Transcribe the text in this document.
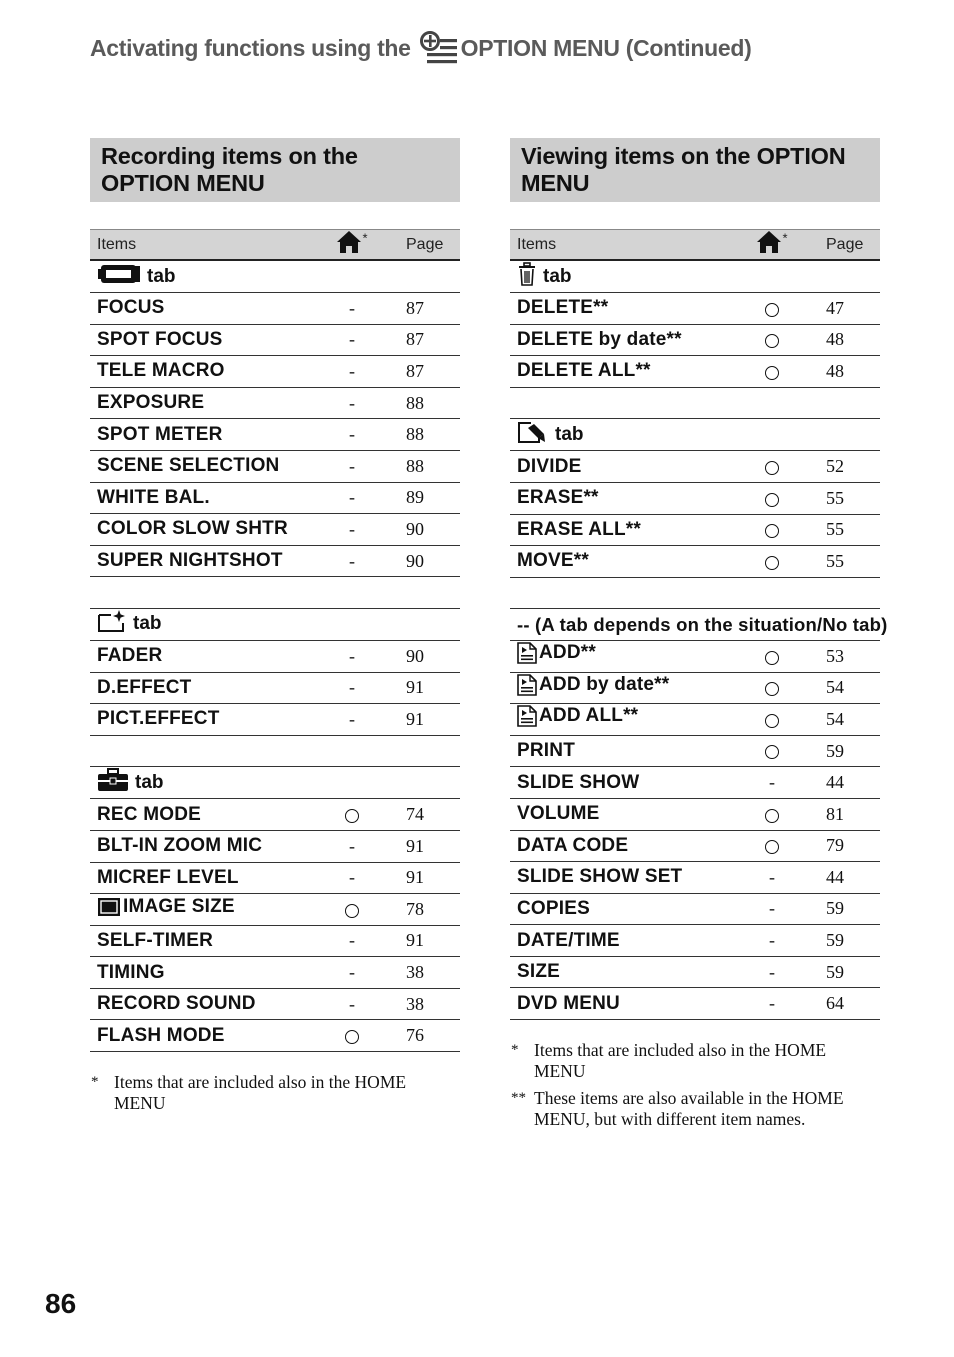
Activating functions using the OPTION MENU (Continued)
Recording items on the OPTION MENU
Items	*	Page

tab		

FOCUS	-	87
SPOT FOCUS	-	87
TELE MACRO	-	87
EXPOSURE	-	88
SPOT METER	-	88
SCENE SELECTION	-	88
WHITE BAL.	-	89
COLOR SLOW SHTR	-	90
SUPER NIGHTSHOT	-	90

tab		

FADER	-	90
D.EFFECT	-	91
PICT.EFFECT	-	91

tab		

REC MODE		74
BLT-IN ZOOM MIC	-	91
MICREF LEVEL	-	91

IMAGE SIZE		78
SELF-TIMER	-	91
TIMING	-	38
RECORD SOUND	-	38
FLASH MODE		76
* Items that are included also in the HOME MENU
Viewing items on the OPTION MENU
Items	*	Page

tab		

DELETE**		47
DELETE by date**		48
DELETE ALL**		48

tab		

DIVIDE		52
ERASE**		55
ERASE ALL**		55
MOVE**		55

-- (A tab depends on the situation/No tab)		

ADD**		53

ADD by date**		54

ADD ALL**		54
PRINT		59
SLIDE SHOW	-	44
VOLUME		81
DATA CODE		79
SLIDE SHOW SET	-	44
COPIES	-	59
DATE/TIME	-	59
SIZE	-	59
DVD MENU	-	64
* Items that are included also in the HOME MENU
** These items are also available in the HOME MENU, but with different item names.
86
